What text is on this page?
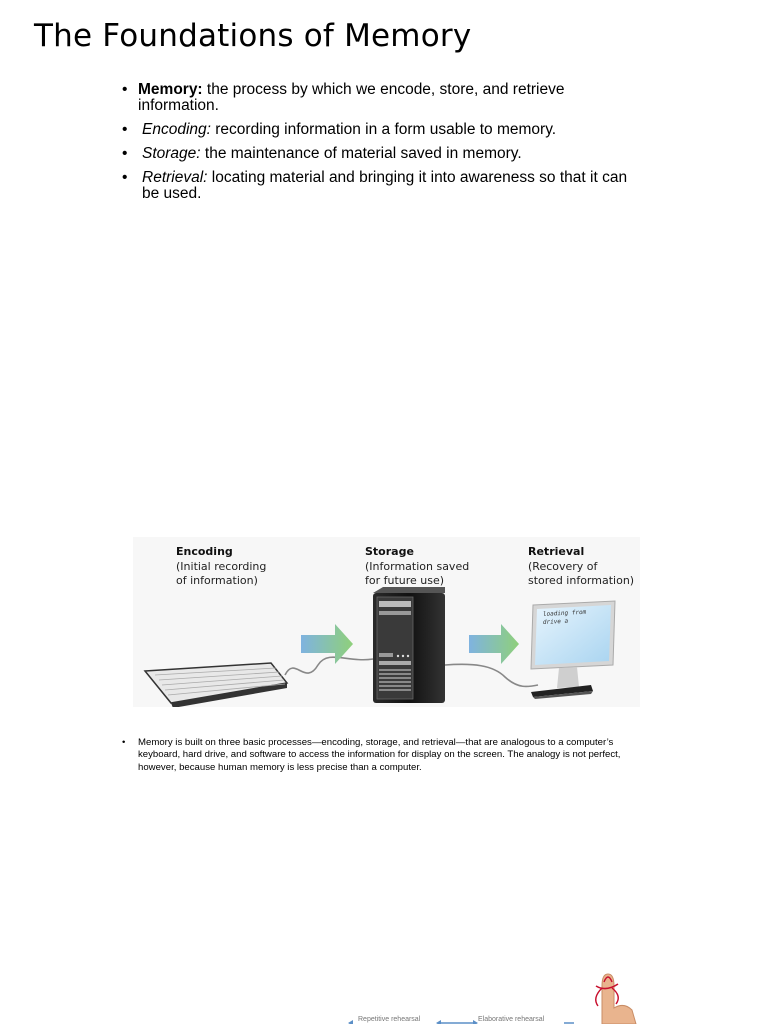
The Foundations of Memory
• Memory: the process by which we encode, store, and retrieve information.
• Encoding: recording information in a form usable to memory.
• Storage: the maintenance of material saved in memory.
• Retrieval: locating material and bringing it into awareness so that it can be used.
Encoding
(Initial recording
of information)
Storage
(Information saved
for future use)
Retrieval
(Recovery of
stored information)
loading from
drive a
• Memory is built on three basic processes—encoding, storage, and retrieval—that are analogous to a computer’s keyboard, hard drive, and software to access the information for display on the screen. The analogy is not perfect, however, because human memory is less precise than a computer.
Repetitive rehearsal	Elaborative rehearsal
